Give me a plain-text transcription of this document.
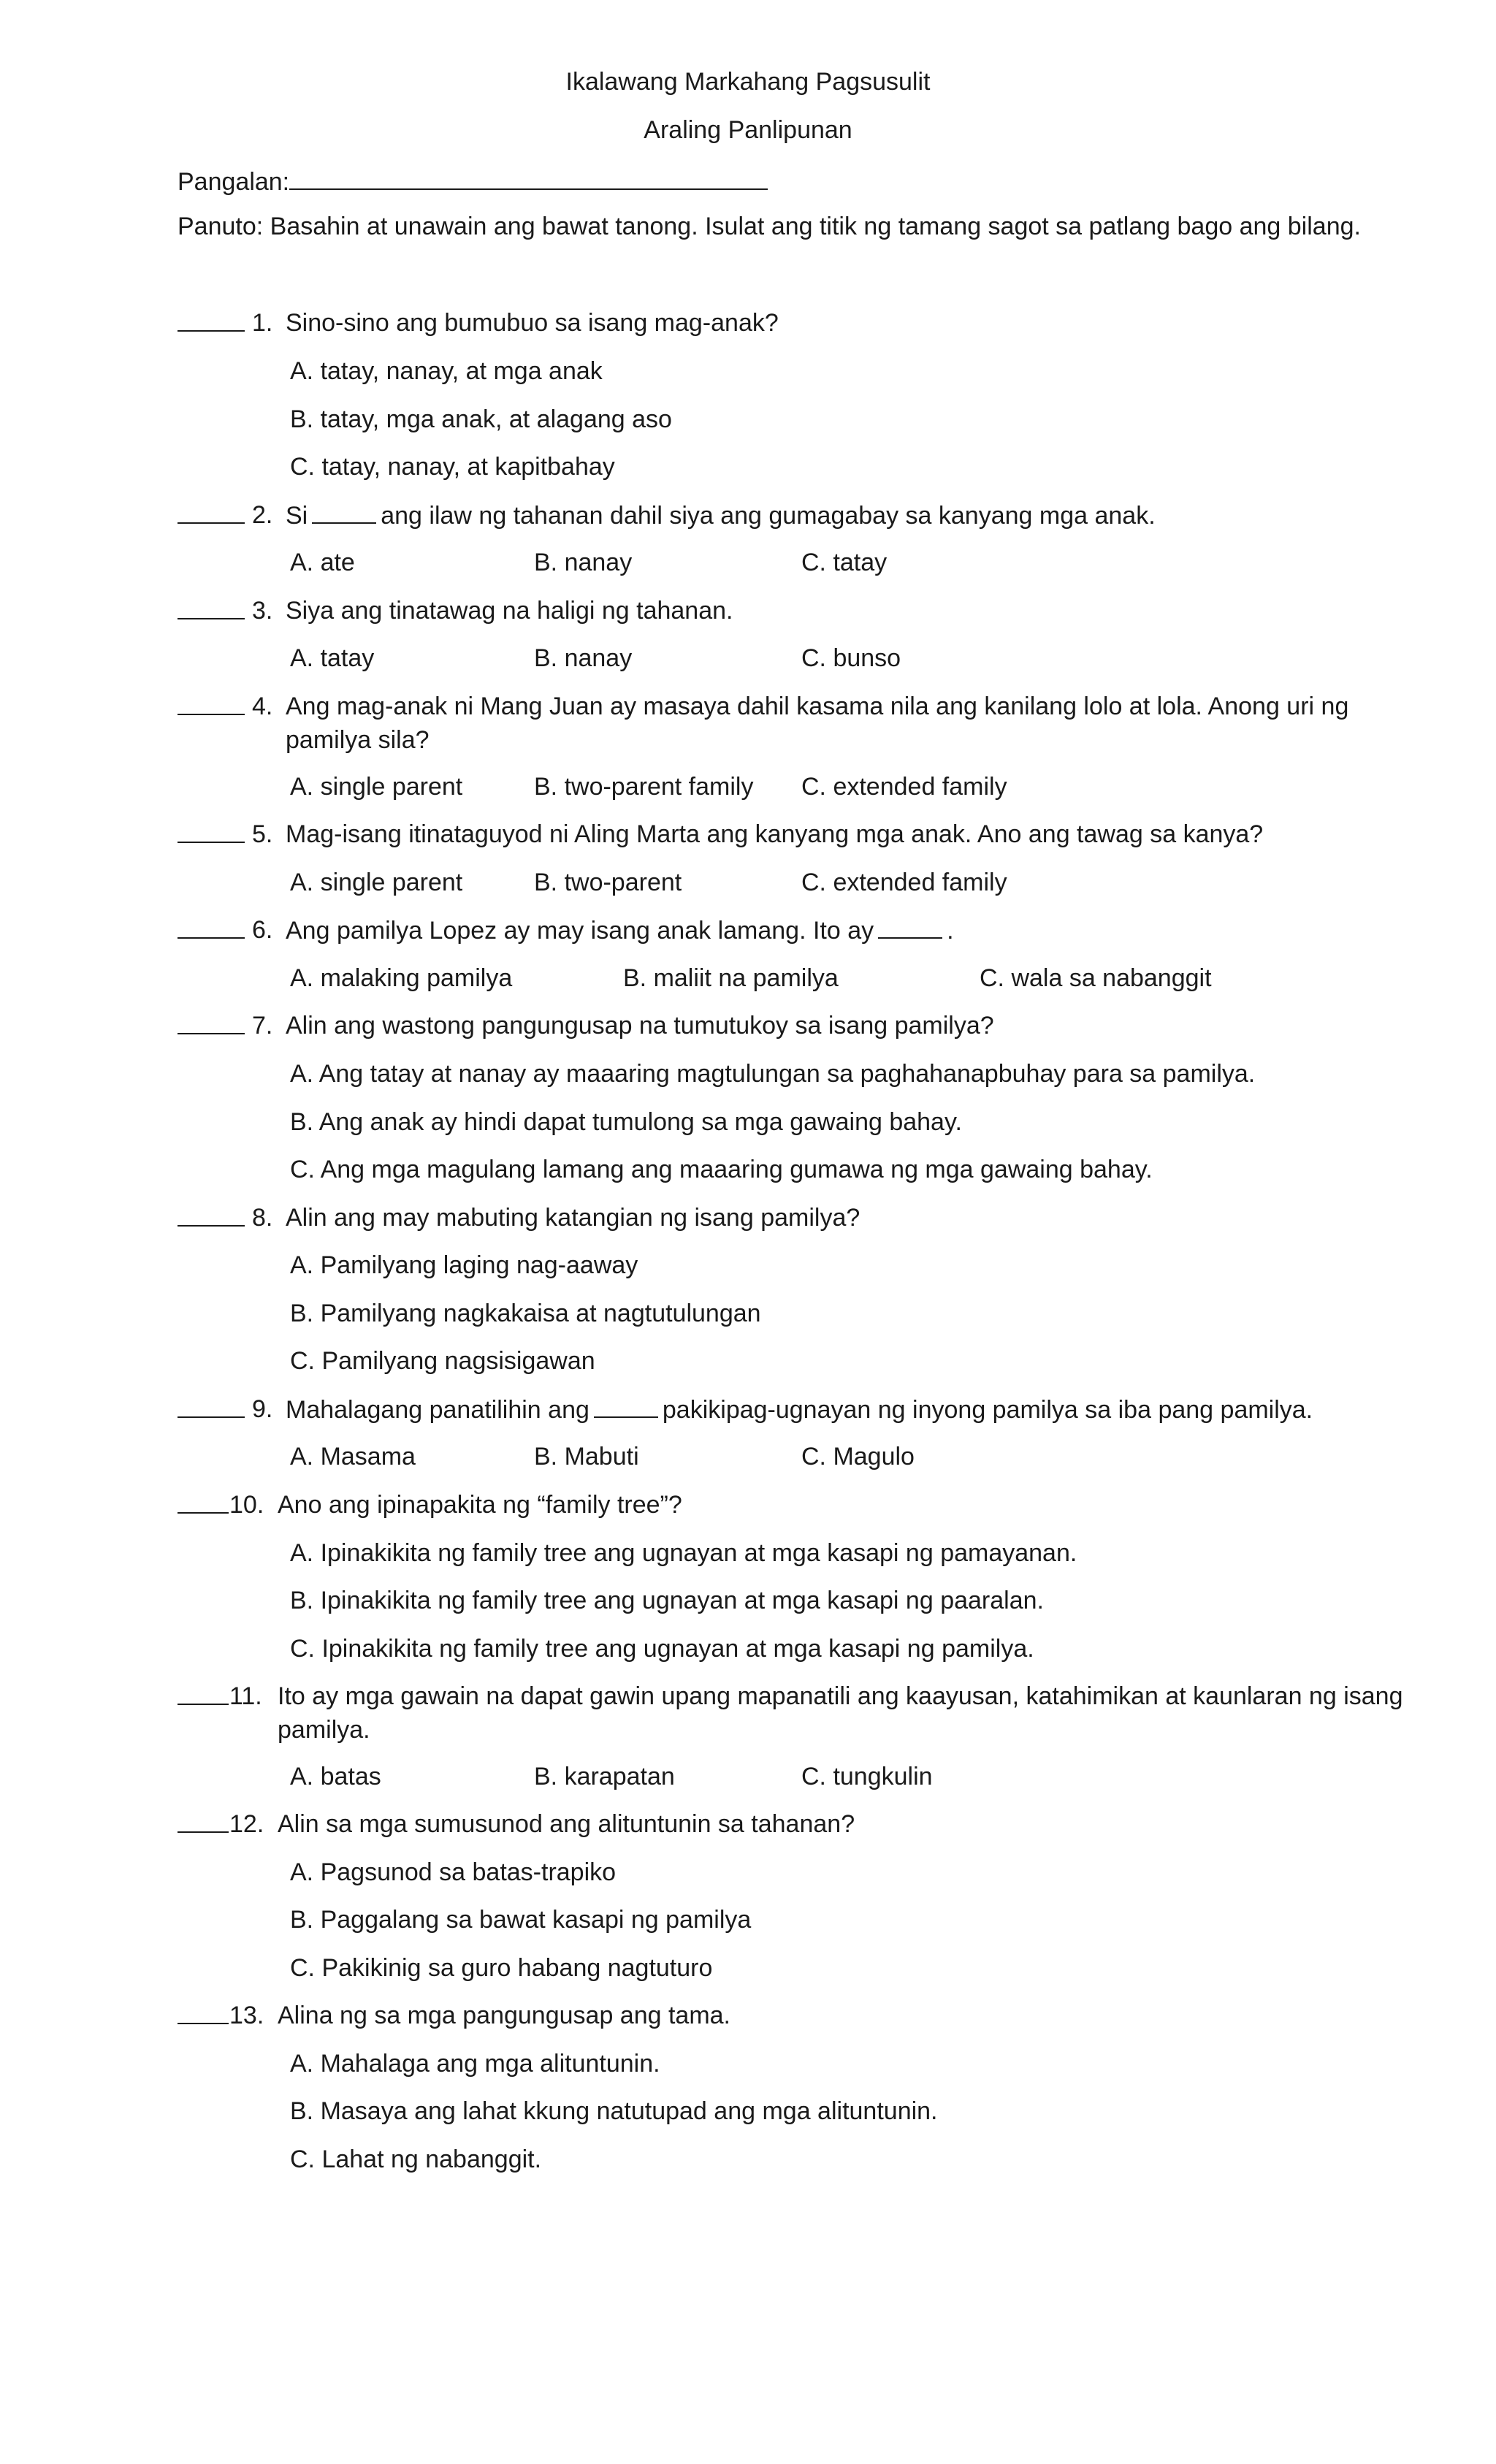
Ikalawang Markahang Pagsusulit
Araling Panlipunan
Pangalan:
Panuto: Basahin at unawain ang bawat tanong. Isulat ang titik ng tamang sagot sa patlang bago ang bilang.
1. Sino-sino ang bumubuo sa isang mag-anak?
A. tatay, nanay, at mga anak
B. tatay, mga anak, at alagang aso
C. tatay, nanay, at kapitbahay
2. Si	ang ilaw ng tahanan dahil siya ang gumagabay sa kanyang mga anak.
A. ate	B. nanay	C. tatay
3. Siya ang tinatawag na haligi ng tahanan.
A. tatay	B. nanay	C. bunso
4. Ang mag-anak ni Mang Juan ay masaya dahil kasama nila ang kanilang lolo at lola. Anong uri ng pamilya sila?
A. single parent	B. two-parent family C. extended family
5. Mag-isang itinataguyod ni Aling Marta ang kanyang mga anak. Ano ang tawag sa kanya?
A. single parent	B. two-parent	C. extended family
6. Ang pamilya Lopez ay may isang anak lamang. Ito ay	.
A. malaking pamilya	B. maliit na pamilya	C. wala sa nabanggit
7. Alin ang wastong pangungusap na tumutukoy sa isang pamilya?
A. Ang tatay at nanay ay maaaring magtulungan sa paghahanapbuhay para sa pamilya.
B. Ang anak ay hindi dapat tumulong sa mga gawaing bahay.
C. Ang mga magulang lamang ang maaaring gumawa ng mga gawaing bahay.
8. Alin ang may mabuting katangian ng isang pamilya?
A. Pamilyang laging nag-aaway
B. Pamilyang nagkakaisa at nagtutulungan
C. Pamilyang nagsisigawan
9. Mahalagang panatilihin ang	pakikipag-ugnayan ng inyong pamilya sa iba pang pamilya.
A. Masama	B. Mabuti	C. Magulo
10. Ano ang ipinapakita ng “family tree”?
A. Ipinakikita ng family tree ang ugnayan at mga kasapi ng pamayanan.
B. Ipinakikita ng family tree ang ugnayan at mga kasapi ng paaralan.
C. Ipinakikita ng family tree ang ugnayan at mga kasapi ng pamilya.
11. Ito ay mga gawain na dapat gawin upang mapanatili ang kaayusan, katahimikan at kaunlaran ng isang pamilya.
A. batas	B. karapatan	C. tungkulin
12. Alin sa mga sumusunod ang alituntunin sa tahanan?
A. Pagsunod sa batas-trapiko
B. Paggalang sa bawat kasapi ng pamilya
C. Pakikinig sa guro habang nagtuturo
13. Alina ng sa mga pangungusap ang tama.
A. Mahalaga ang mga alituntunin.
B. Masaya ang lahat kkung natutupad ang mga alituntunin.
C. Lahat ng nabanggit.
